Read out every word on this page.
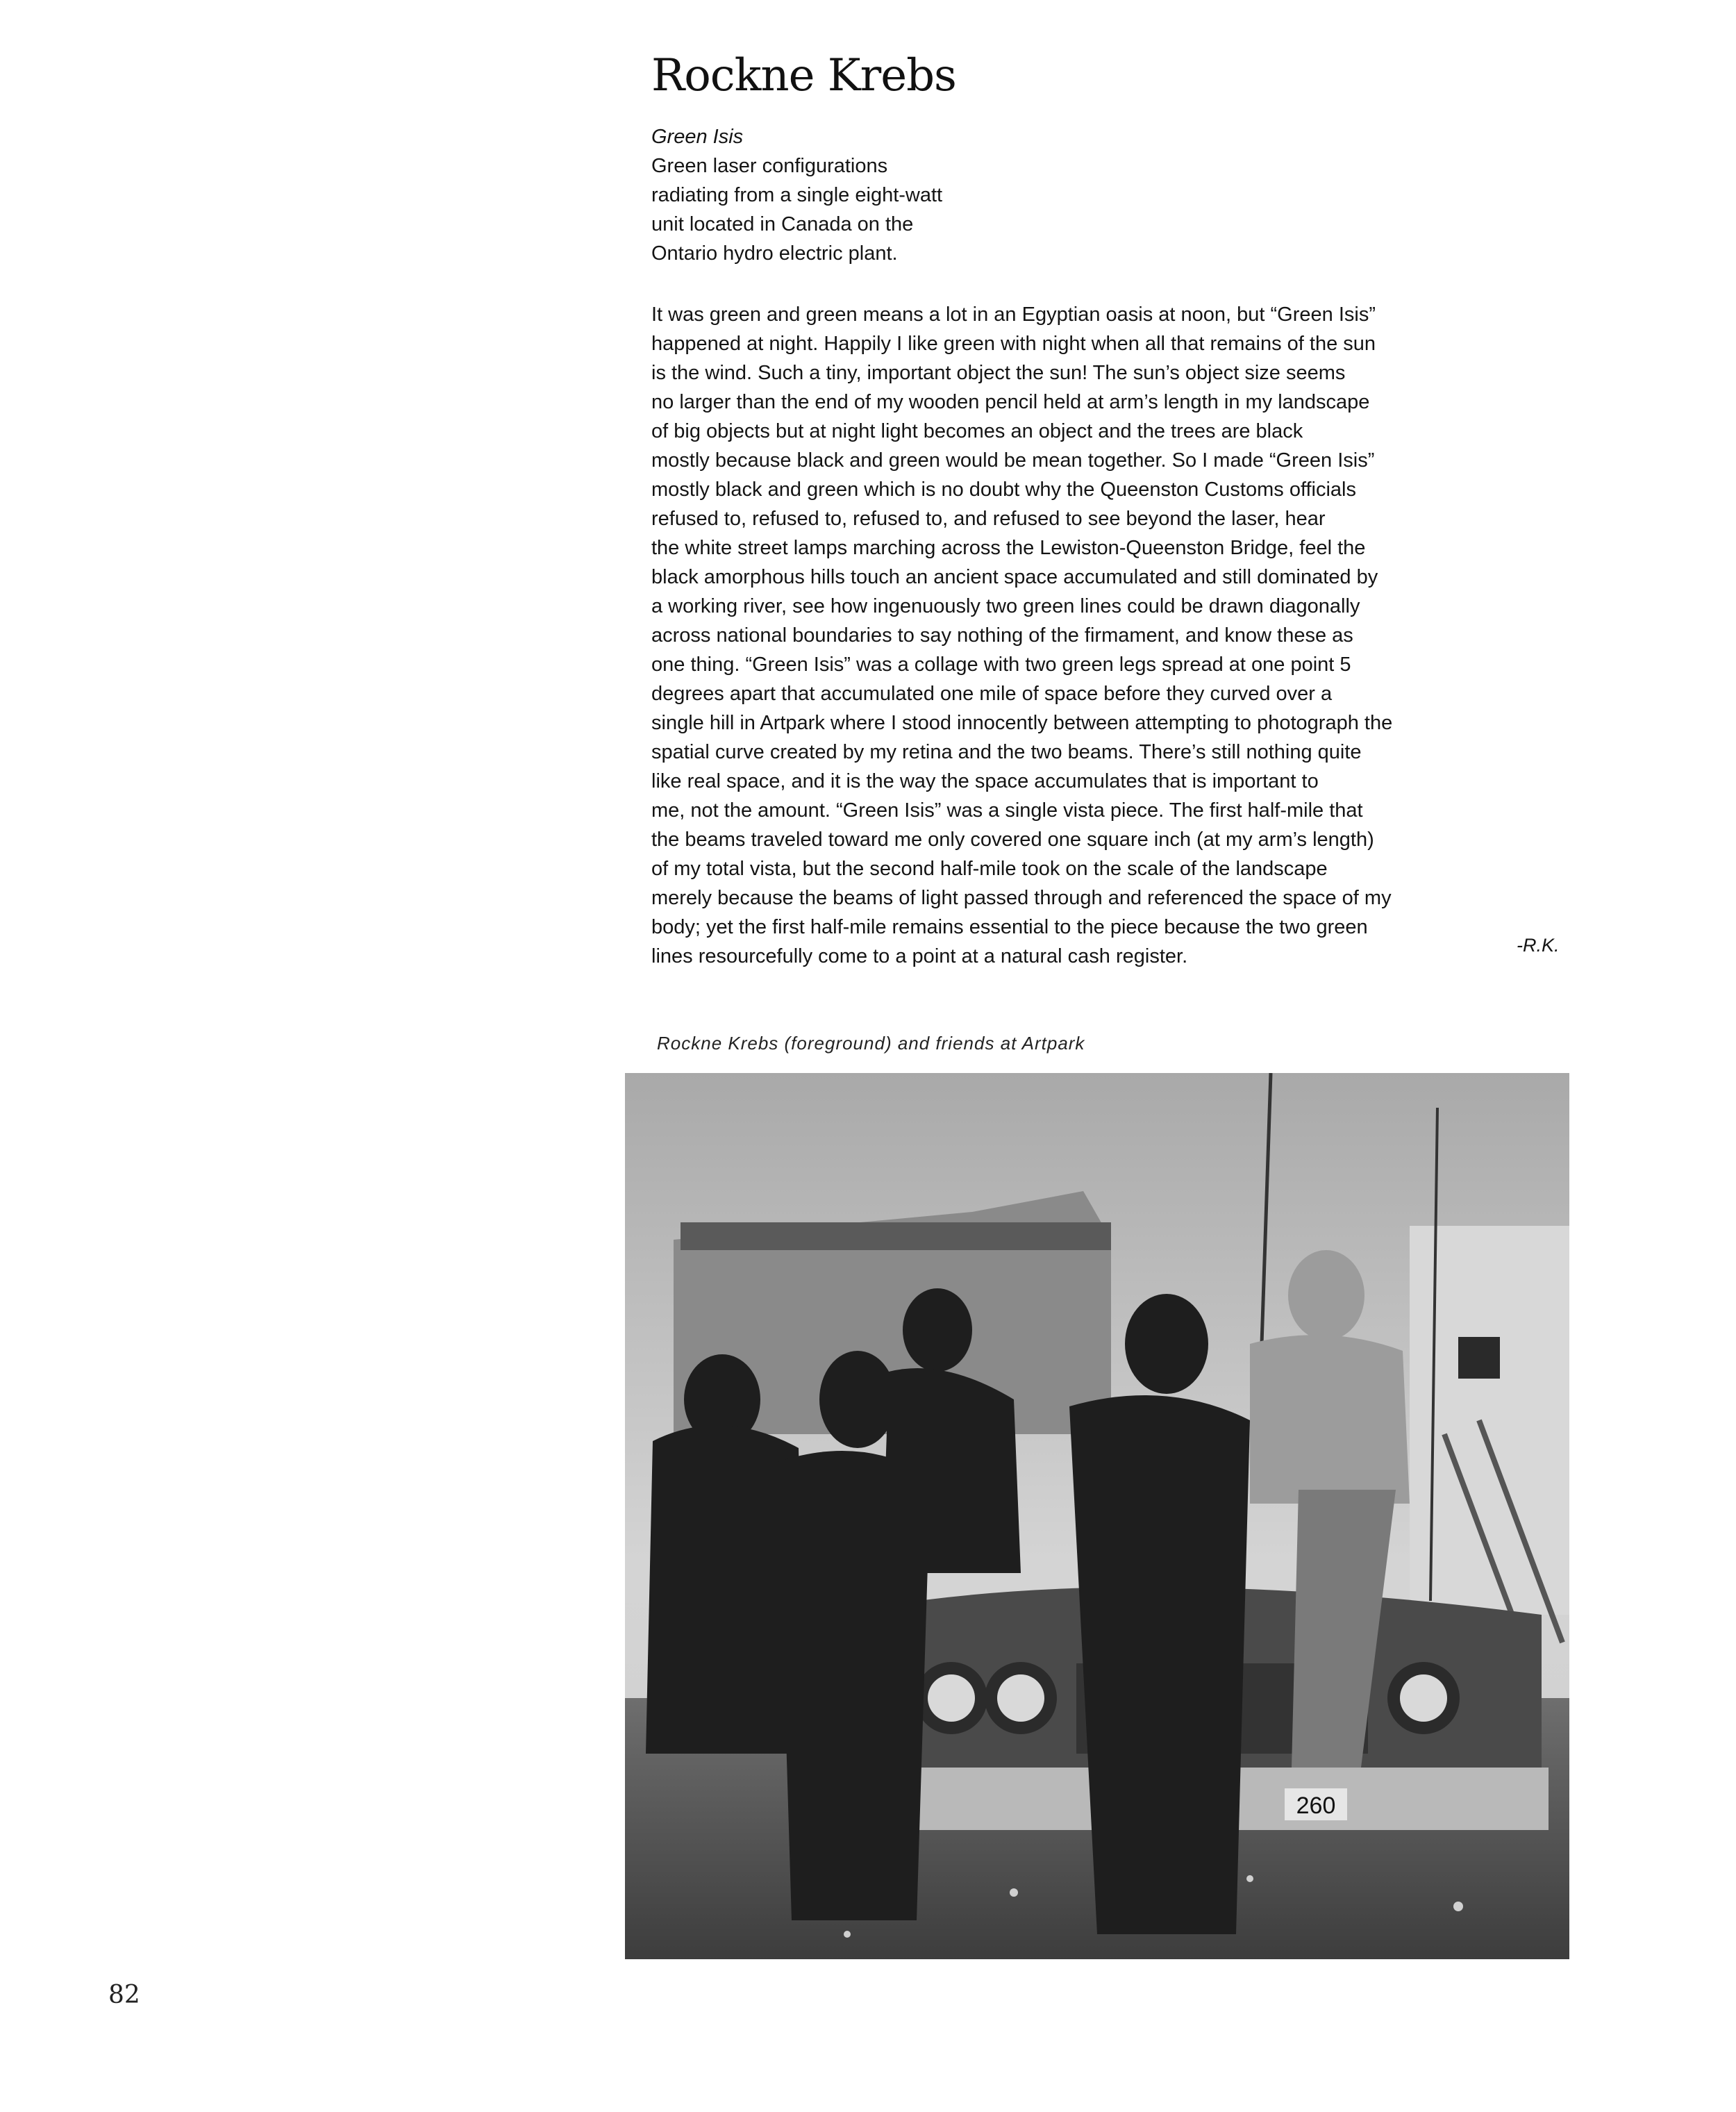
Rockne Krebs
Green Isis
Green laser configurations
radiating from a single eight-watt
unit located in Canada on the
Ontario hydro electric plant.
It was green and green means a lot in an Egyptian oasis at noon, but “Green Isis”
happened at night. Happily I like green with night when all that remains of the sun
is the wind. Such a tiny, important object the sun! The sun’s object size seems
no larger than the end of my wooden pencil held at arm’s length in my landscape
of big objects but at night light becomes an object and the trees are black
mostly because black and green would be mean together. So I made “Green Isis”
mostly black and green which is no doubt why the Queenston Customs officials
refused to, refused to, refused to, and refused to see beyond the laser, hear
the white street lamps marching across the Lewiston-Queenston Bridge, feel the
black amorphous hills touch an ancient space accumulated and still dominated by
a working river, see how ingenuously two green lines could be drawn diagonally
across national boundaries to say nothing of the firmament, and know these as
one thing. “Green Isis” was a collage with two green legs spread at one point 5
degrees apart that accumulated one mile of space before they curved over a
single hill in Artpark where I stood innocently between attempting to photograph the
spatial curve created by my retina and the two beams. There’s still nothing quite
like real space, and it is the way the space accumulates that is important to
me, not the amount. “Green Isis” was a single vista piece. The first half-mile that
the beams traveled toward me only covered one square inch (at my arm’s length)
of my total vista, but the second half-mile took on the scale of the landscape
merely because the beams of light passed through and referenced the space of my
body; yet the first half-mile remains essential to the piece because the two green
lines resourcefully come to a point at a natural cash register.	-R.K.
Rockne Krebs (foreground) and friends at Artpark
260
82
